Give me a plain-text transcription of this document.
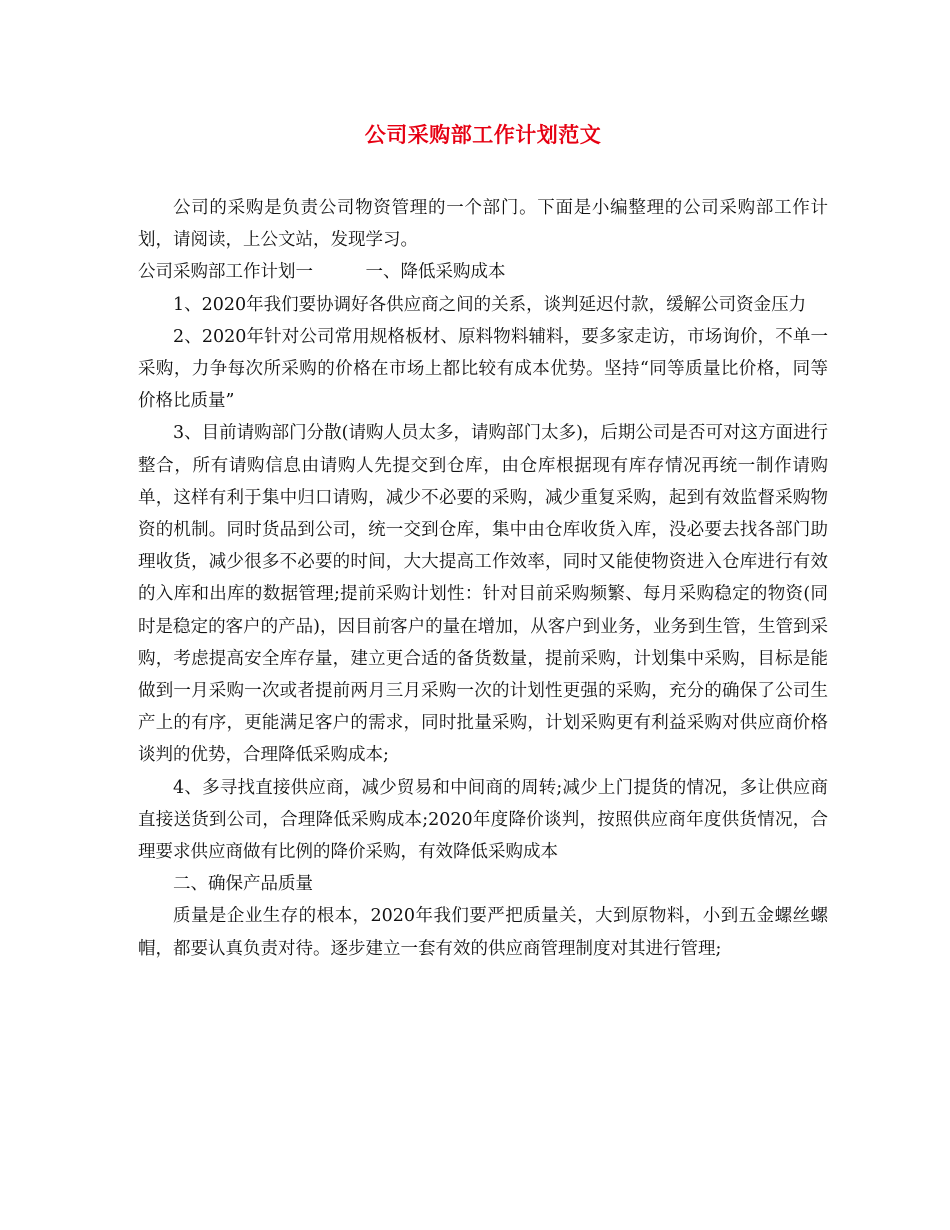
公司采购部工作计划范文

公司的采购是负责公司物资管理的一个部门。下面是小编整理的公司采购部工作计划，请阅读，上公文站，发现学习。

公司采购部工作计划一　　　一、降低采购成本

1、2020年我们要协调好各供应商之间的关系，谈判延迟付款，缓解公司资金压力

2、2020年针对公司常用规格板材、原料物料辅料，要多家走访，市场询价，不单一采购，力争每次所采购的价格在市场上都比较有成本优势。坚持“同等质量比价格，同等价格比质量”

3、目前请购部门分散(请购人员太多，请购部门太多)，后期公司是否可对这方面进行整合，所有请购信息由请购人先提交到仓库，由仓库根据现有库存情况再统一制作请购单，这样有利于集中归口请购，减少不必要的采购，减少重复采购，起到有效监督采购物资的机制。同时货品到公司，统一交到仓库，集中由仓库收货入库，没必要去找各部门助理收货，减少很多不必要的时间，大大提高工作效率，同时又能使物资进入仓库进行有效的入库和出库的数据管理;提前采购计划性：针对目前采购频繁、每月采购稳定的物资(同时是稳定的客户的产品)，因目前客户的量在增加，从客户到业务，业务到生管，生管到采购，考虑提高安全库存量，建立更合适的备货数量，提前采购，计划集中采购，目标是能做到一月采购一次或者提前两月三月采购一次的计划性更强的采购，充分的确保了公司生产上的有序，更能满足客户的需求，同时批量采购，计划采购更有利益采购对供应商价格谈判的优势，合理降低采购成本;

4、多寻找直接供应商，减少贸易和中间商的周转;减少上门提货的情况，多让供应商直接送货到公司，合理降低采购成本;2020年度降价谈判，按照供应商年度供货情况，合理要求供应商做有比例的降价采购，有效降低采购成本

二、确保产品质量

质量是企业生存的根本，2020年我们要严把质量关，大到原物料，小到五金螺丝螺帽，都要认真负责对待。逐步建立一套有效的供应商管理制度对其进行管理;
